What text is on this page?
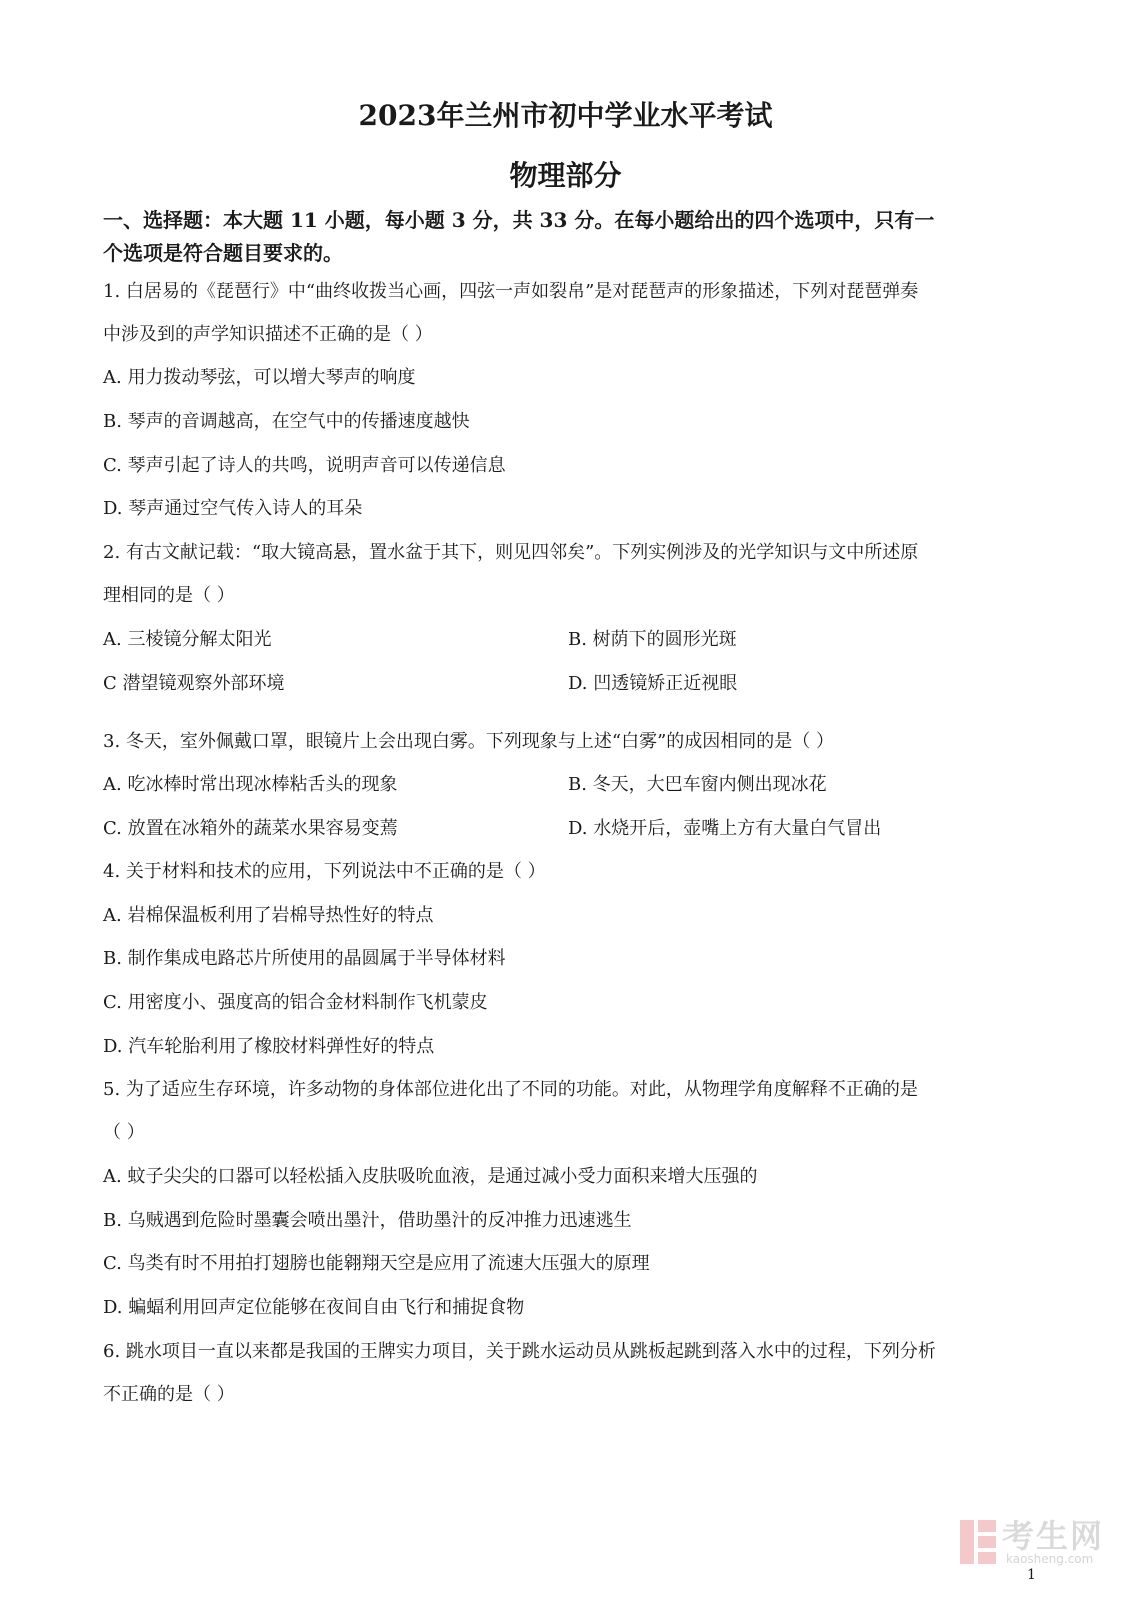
2023年兰州市初中学业水平考试
物理部分
一、选择题：本大题 11 小题，每小题 3 分，共 33 分。在每小题给出的四个选项中，只有一
个选项是符合题目要求的。
1. 白居易的《琵琶行》中“曲终收拨当心画，四弦一声如裂帛”是对琵琶声的形象描述，下列对琵琶弹奏
中涉及到的声学知识描述不正确的是（ ）
A. 用力拨动琴弦，可以增大琴声的响度
B. 琴声的音调越高，在空气中的传播速度越快
C. 琴声引起了诗人的共鸣，说明声音可以传递信息
D. 琴声通过空气传入诗人的耳朵
2. 有古文献记载：“取大镜高悬，置水盆于其下，则见四邻矣”。下列实例涉及的光学知识与文中所述原
理相同的是（ ）
A. 三棱镜分解太阳光	B. 树荫下的圆形光斑
C 潜望镜观察外部环境	D. 凹透镜矫正近视眼
3. 冬天，室外佩戴口罩，眼镜片上会出现白雾。下列现象与上述“白雾”的成因相同的是（ ）
A. 吃冰棒时常出现冰棒粘舌头的现象	B. 冬天，大巴车窗内侧出现冰花
C. 放置在冰箱外的蔬菜水果容易变蔫	D. 水烧开后，壶嘴上方有大量白气冒出
4. 关于材料和技术的应用，下列说法中不正确的是（ ）
A. 岩棉保温板利用了岩棉导热性好的特点
B. 制作集成电路芯片所使用的晶圆属于半导体材料
C. 用密度小、强度高的铝合金材料制作飞机蒙皮
D. 汽车轮胎利用了橡胶材料弹性好的特点
5. 为了适应生存环境，许多动物的身体部位进化出了不同的功能。对此，从物理学角度解释不正确的是
（ ）
A. 蚊子尖尖的口器可以轻松插入皮肤吸吮血液，是通过减小受力面积来增大压强的
B. 乌贼遇到危险时墨囊会喷出墨汁，借助墨汁的反冲推力迅速逃生
C. 鸟类有时不用拍打翅膀也能翱翔天空是应用了流速大压强大的原理
D. 蝙蝠利用回声定位能够在夜间自由飞行和捕捉食物
6. 跳水项目一直以来都是我国的王牌实力项目，关于跳水运动员从跳板起跳到落入水中的过程，下列分析
不正确的是（ ）
考生网
kaosheng.com
1
